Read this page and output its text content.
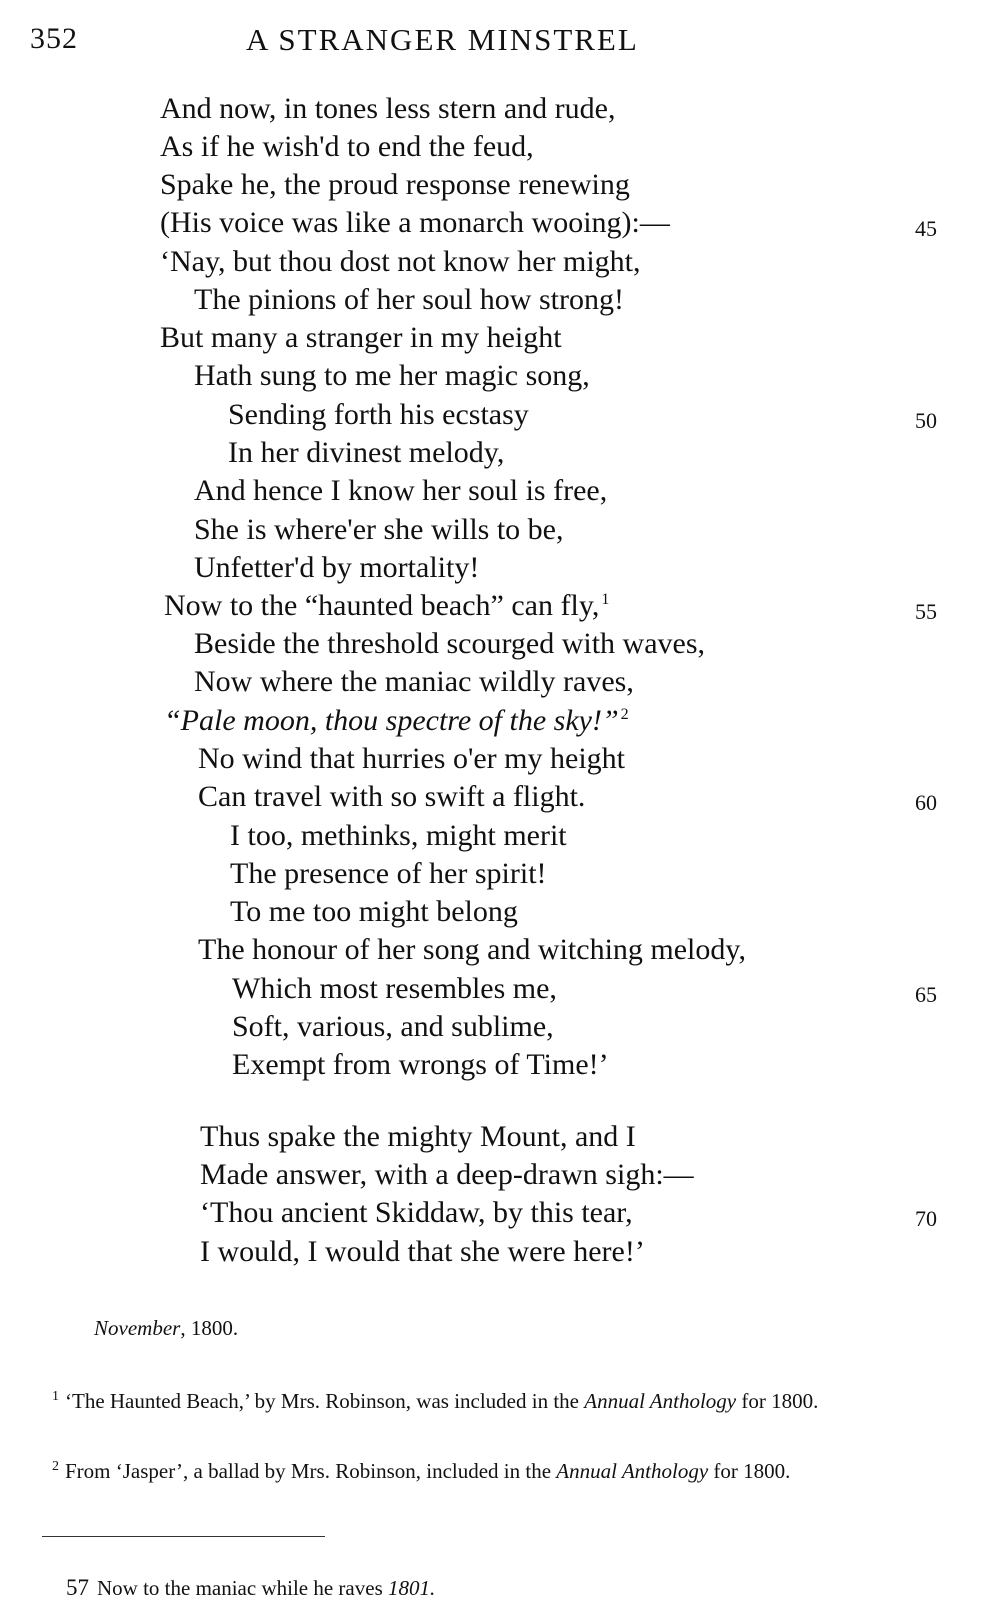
352	A STRANGER MINSTREL
And now, in tones less stern and rude,
As if he wish'd to end the feud,
Spake he, the proud response renewing
(His voice was like a monarch wooing):—
‘Nay, but thou dost not know her might,
The pinions of her soul how strong!
But many a stranger in my height
Hath sung to me her magic song,
Sending forth his ecstasy
In her divinest melody,
And hence I know her soul is free,
She is where'er she wills to be,
Unfetter'd by mortality!
Now to the “haunted beach” can fly, $^1$
Beside the threshold scourged with waves,
Now where the maniac wildly raves,
“Pale moon, thou spectre of the sky!” $^2$
No wind that hurries o'er my height
Can travel with so swift a flight.
I too, methinks, might merit
The presence of her spirit!
To me too might belong
The honour of her song and witching melody,
Which most resembles me,
Soft, various, and sublime,
Exempt from wrongs of Time!’
Thus spake the mighty Mount, and I
Made answer, with a deep-drawn sigh:—
‘Thou ancient Skiddaw, by this tear,
I would, I would that she were here!’
45
50
55
60
65
70
November, 1800.
$^1$ ‘The Haunted Beach,’ by Mrs. Robinson, was included in the Annual Anthology for 1800.
$^2$ From ‘Jasper’, a ballad by Mrs. Robinson, included in the Annual Anthology for 1800.
57 Now to the maniac while he raves 1801.
